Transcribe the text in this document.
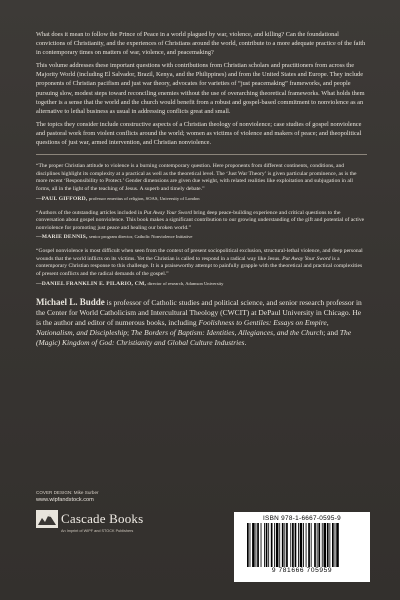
What does it mean to follow the Prince of Peace in a world plagued by war, violence, and killing? Can the foundational convictions of Christianity, and the experiences of Christians around the world, contribute to a more adequate practice of the faith in contemporary times on matters of war, violence, and peacemaking?

This volume addresses these important questions with contributions from Christian scholars and practitioners from across the Majority World (including El Salvador, Brazil, Kenya, and the Philippines) and from the United States and Europe. They include proponents of Christian pacifism and just war theory, advocates for varieties of “just peacemaking” frameworks, and people pursuing slow, modest steps toward reconciling enemies without the use of overarching theoretical frameworks. What holds them together is a sense that the world and the church would benefit from a robust and gospel-based commitment to nonviolence as an alternative to lethal business as usual in addressing conflicts great and small.

The topics they consider include constructive aspects of a Christian theology of nonviolence; case studies of gospel nonviolence and pastoral work from violent conflicts around the world; women as victims of violence and makers of peace; and theopolitical questions of just war, armed intervention, and Christian nonviolence.

“The proper Christian attitude to violence is a burning contemporary question. Here proponents from different continents, conditions, and disciplines highlight its complexity at a practical as well as the theoretical level. The ‘Just War Theory’ is given particular prominence, as is the more recent ‘Responsibility to Protect.’ Gender dimensions are given due weight, with related realities like exploitation and subjugation in all forms, all in the light of the teaching of Jesus. A superb and timely debate.”
—PAUL GIFFORD, professor emeritus of religion, SOAS, University of London
“Authors of the outstanding articles included in Put Away Your Sword bring deep peace-building experience and critical questions to the conversation about gospel nonviolence. This book makes a significant contribution to our growing understanding of the gift and potential of active nonviolence for promoting just peace and healing our broken world.”
—MARIE DENNIS, senior program director, Catholic Nonviolence Initiative
“Gospel nonviolence is most difficult when seen from the context of present sociopolitical exclusion, structural-lethal violence, and deep personal wounds that the world inflicts on its victims. Yet the Christian is called to respond in a radical way like Jesus. Put Away Your Sword is a contemporary Christian response to this challenge. It is a praiseworthy attempt to painfully grapple with the theoretical and practical complexities of present conflicts and the radical demands of the gospel.”
—DANIEL FRANKLIN E. PILARIO, CM, director of research, Adamson University
Michael L. Budde is professor of Catholic studies and political science, and senior research professor in the Center for World Catholicism and Intercultural Theology (CWCIT) at DePaul University in Chicago. He is the author and editor of numerous books, including Foolishness to Gentiles: Essays on Empire, Nationalism, and Discipleship; The Borders of Baptism: Identities, Allegiances, and the Church; and The (Magic) Kingdom of God: Christianity and Global Culture Industries.
COVER DESIGN: Mike Surber
www.wipfandstock.com
Cascade Books
An Imprint of WIPF and STOCK Publishers
ISBN 978-1-6667-0595-9
9 781666 705959
